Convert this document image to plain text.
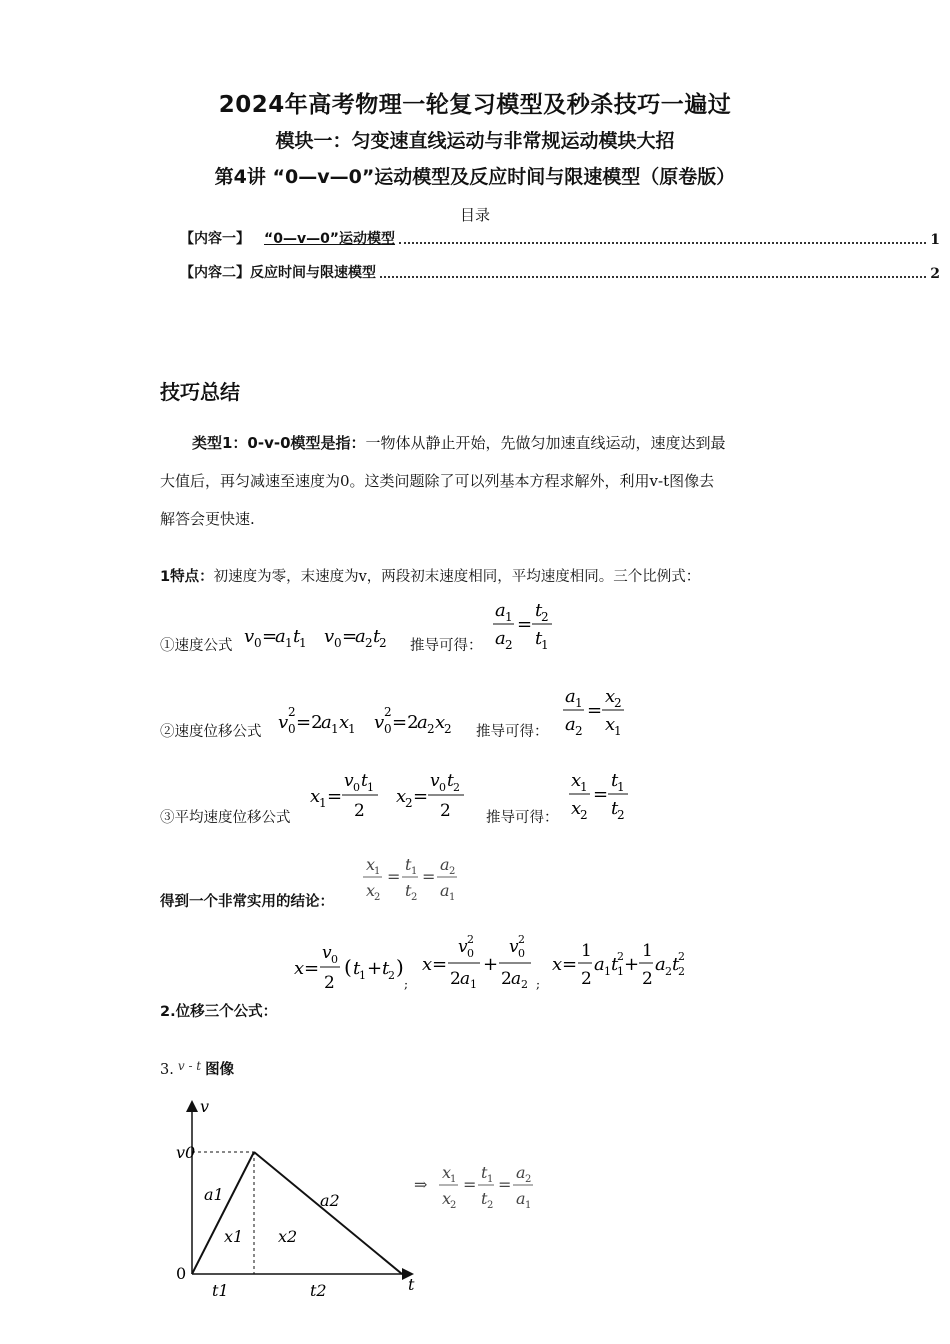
2024年高考物理一轮复习模型及秒杀技巧一遍过
模块一：匀变速直线运动与非常规运动模块大招
第4讲 “0—v—0”运动模型及反应时间与限速模型（原卷版）
目录
【内容一】 “0—v—0”运动模型	1
【内容二】 反应时间与限速模型	2
技巧总结
类型1：0-v-0模型是指：一物体从静止开始，先做匀加速直线运动，速度达到最
大值后，再匀减速至速度为0。这类问题除了可以列基本方程求解外，利用v-t图像去
解答会更快速.
1特点：初速度为零，末速度为v，两段初末速度相同，平均速度相同。三个比例式：
①速度公式 v 0 =
a 1 t
1 v 0 =
a 2 t
2 推导可得：
a 1
a 2
=
t
2
t
1
②速度位移公式 v 2
0 =2
a 1 x
1 v 2
0 =2
a 2 x
2 推导可得：
a 1
a 2
=
x
2
x
1
③平均速度位移公式
x
1 =
v 0 t 1
2
x
2 =
v 0 t 2
2 推导可得：
x
1
x
2
=
t
1
t
2
得到一个非常实用的结论：
x
1
x
2
=
t 1
t 2
=
a 2
a 1
x =
v 0
2
( t
1 + t
2 )
;
x =
v 2
0
2 a 1
+
v 2
0
2 a 2 ;
x =
1
2
a 1 t
2
1 +
1
2
a 2 t
2
2
2.位移三个公式：
3. $^{v - t}$ 图像
v
t
v0
0
a1	a2
x1 x2
t1	t2
⇒
x
1
x
2
=
t 1
t 2
=
a 2
a 1
